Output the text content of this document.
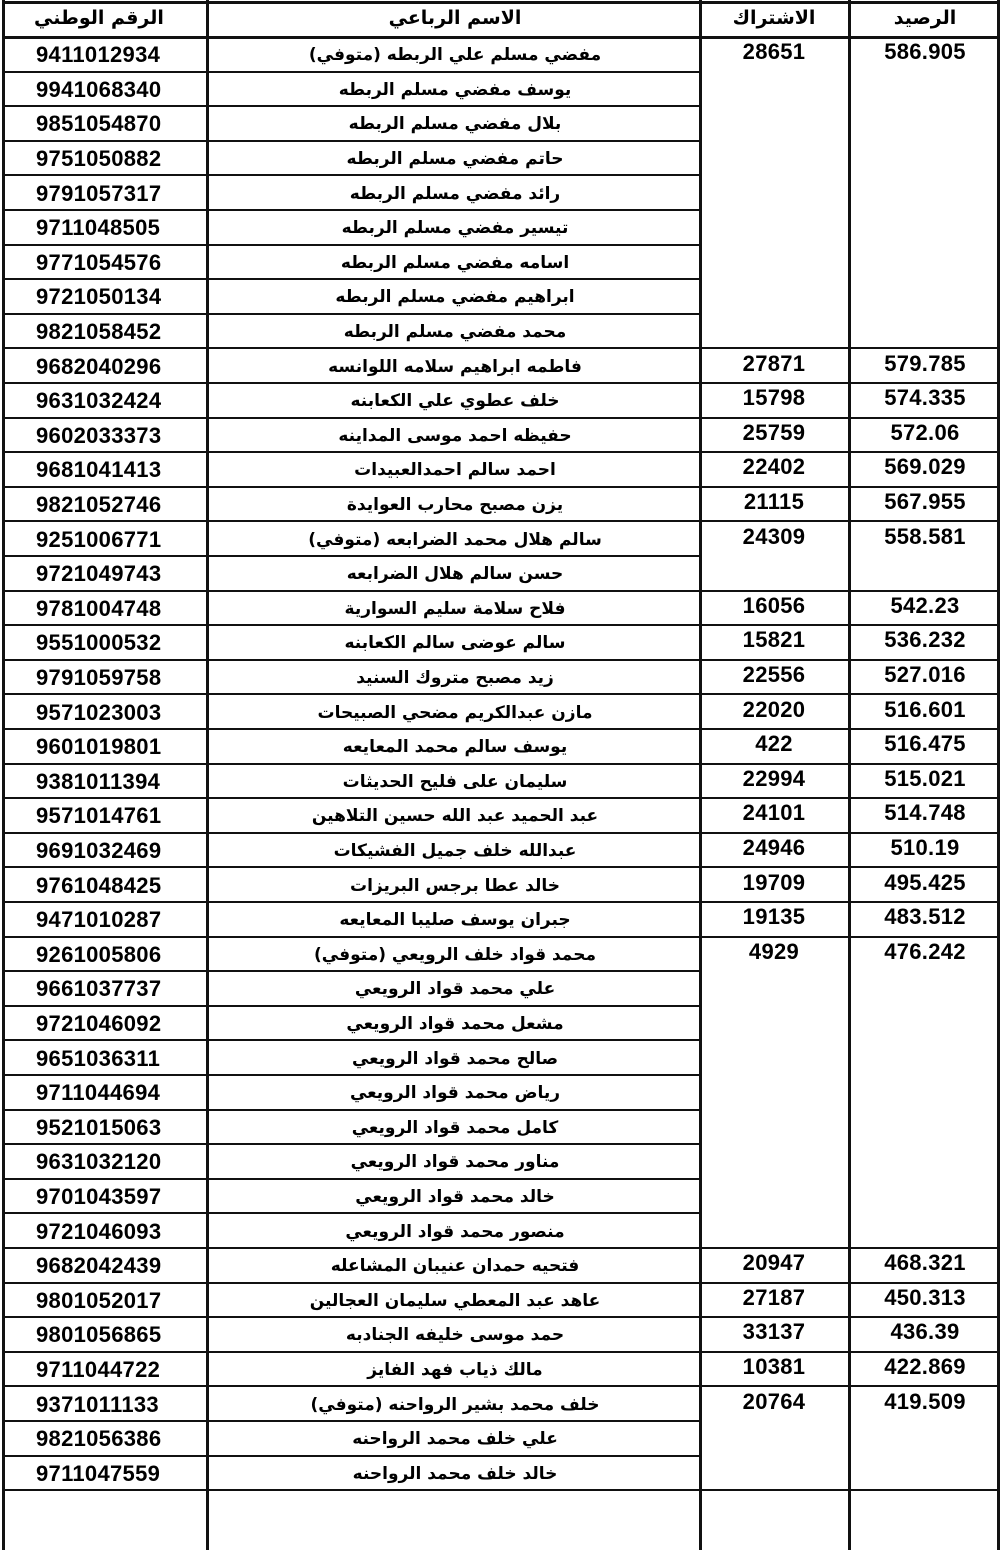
الرقم الوطني	الاسم الرباعي	الاشتراك	الرصيد
9411012934	مفضي مسلم علي الربطه (متوفي)	28651	586.905
9941068340	يوسف مفضي مسلم الربطه
9851054870	بلال مفضي مسلم الربطه
9751050882	حاتم مفضي مسلم الربطه
9791057317	رائد مفضي مسلم الربطه
9711048505	تيسير مفضي مسلم الربطه
9771054576	اسامه مفضي مسلم الربطه
9721050134	ابراهيم مفضي مسلم الربطه
9821058452	محمد مفضي مسلم الربطه
9682040296	فاطمه ابراهيم سلامه اللوانسه	27871	579.785
9631032424	خلف عطوي علي الكعابنه	15798	574.335
9602033373	حفيظه احمد موسى المداينه	25759	572.06
9681041413	احمد سالم احمدالعبيدات	22402	569.029
9821052746	يزن مصبح محارب العوايدة	21115	567.955
9251006771	سالم هلال محمد الضرابعه (متوفي)	24309	558.581
9721049743	حسن سالم هلال الضرابعه
9781004748	فلاح سلامة سليم السوارية	16056	542.23
9551000532	سالم عوضى سالم الكعابنه	15821	536.232
9791059758	زيد مصبح متروك السنيد	22556	527.016
9571023003	مازن عبدالكريم مضحي الصبيحات	22020	516.601
9601019801	يوسف سالم محمد المعايعه	422	516.475
9381011394	سليمان على فليح الحديثات	22994	515.021
9571014761	عبد الحميد عبد الله حسين التلاهين	24101	514.748
9691032469	عبدالله خلف جميل الفشيكات	24946	510.19
9761048425	خالد عطا برجس البريزات	19709	495.425
9471010287	جبران يوسف صليبا المعايعه	19135	483.512
9261005806	محمد قواد خلف الرويعي (متوفي)	4929	476.242
9661037737	علي محمد قواد الرويعي
9721046092	مشعل محمد قواد الرويعي
9651036311	صالح محمد قواد الرويعي
9711044694	رياض محمد قواد الرويعي
9521015063	كامل محمد قواد الرويعي
9631032120	مناور محمد قواد الرويعي
9701043597	خالد محمد قواد الرويعي
9721046093	منصور محمد قواد الرويعي
9682042439	فتحيه حمدان عنيبان المشاعله	20947	468.321
9801052017	عاهد عبد المعطي سليمان العجالين	27187	450.313
9801056865	حمد موسى خليفه الجنادبه	33137	436.39
9711044722	مالك ذياب فهد الفايز	10381	422.869
9371011133	خلف محمد بشير الرواحنه (متوفي)	20764	419.509
9821056386	علي خلف محمد الرواحنه
9711047559	خالد خلف محمد الرواحنه
